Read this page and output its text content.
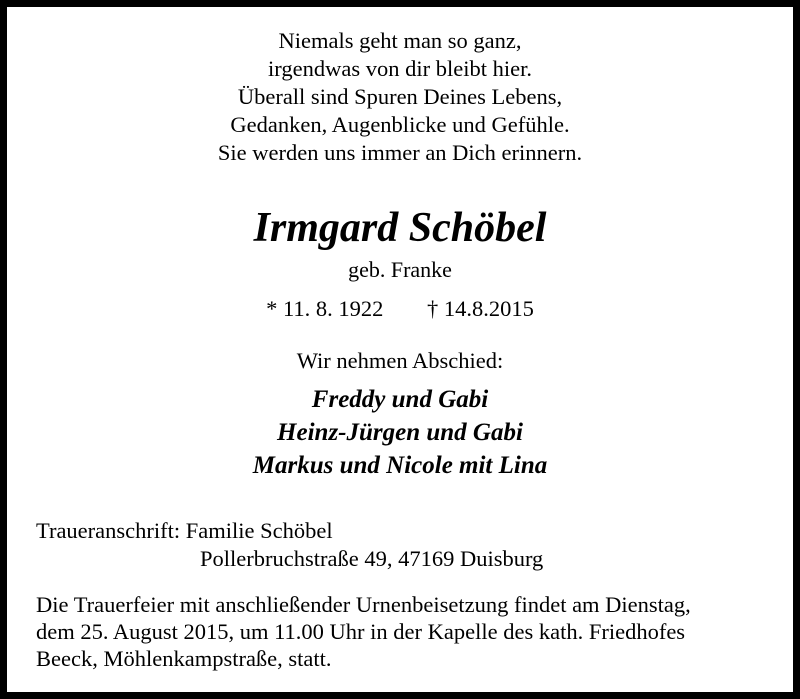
Niemals geht man so ganz,
irgendwas von dir bleibt hier.
Überall sind Spuren Deines Lebens,
Gedanken, Augenblicke und Gefühle.
Sie werden uns immer an Dich erinnern.
Irmgard Schöbel
geb. Franke
* 11. 8. 1922 † 14.8.2015
Wir nehmen Abschied:
Freddy und Gabi
Heinz-Jürgen und Gabi
Markus und Nicole mit Lina
Traueranschrift: Familie Schöbel
Pollerbruchstraße 49, 47169 Duisburg
Die Trauerfeier mit anschließender Urnenbeisetzung findet am Dienstag,
dem 25. August 2015, um 11.00 Uhr in der Kapelle des kath. Friedhofes
Beeck, Möhlenkampstraße, statt.
